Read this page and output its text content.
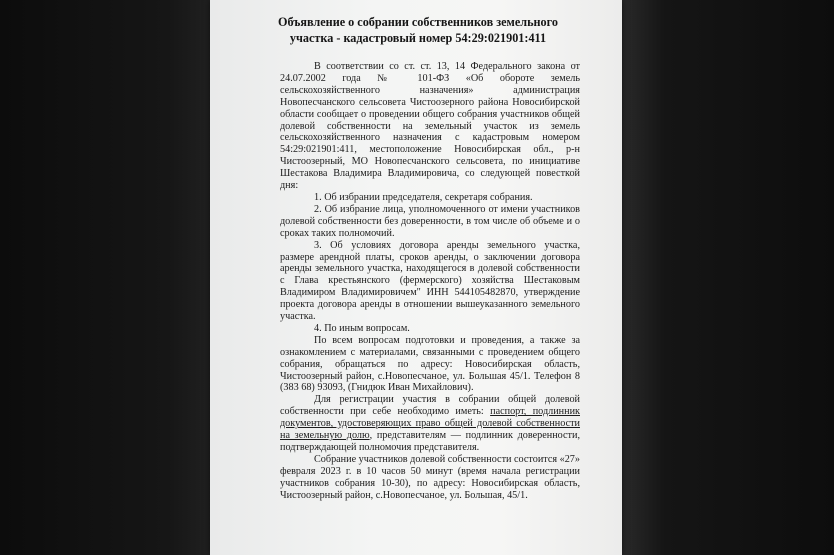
Объявление о собрании собственников земельного
участка - кадастровый номер 54:29:021901:411

В соответствии со ст. ст. 13, 14 Федерального закона от 24.07.2002 года № 101-ФЗ «Об обороте земель сельскохозяйственного назначения» администрация Новопесчанского сельсовета Чистоозерного района Новосибирской области сообщает о проведении общего собрания участников общей долевой собственности на земельный участок из земель сельскохозяйственного назначения с кадастровым номером 54:29:021901:411, местоположение Новосибирская обл., р-н Чистоозерный, МО Новопесчанского сельсовета, по инициативе Шестакова Владимира Владимировича, со следующей повесткой дня:

1. Об избрании председателя, секретаря собрания.

2. Об избрание лица, уполномоченного от имени участников долевой собственности без доверенности, в том числе об объеме и о сроках таких полномочий.

3. Об условиях договора аренды земельного участка, размере арендной платы, сроков аренды, о заключении договора аренды земельного участка, находящегося в долевой собственности с Глава крестьянского (фермерского) хозяйства Шестаковым Владимиром Владимировичем" ИНН 544105482870, утверждение проекта договора аренды в отношении вышеуказанного земельного участка.

4. По иным вопросам.

По всем вопросам подготовки и проведения, а также за ознакомлением с материалами, связанными с проведением общего собрания, обращаться по адресу: Новосибирская область, Чистоозерный район, с.Новопесчаное, ул. Большая 45/1. Телефон 8 (383 68) 93093, (Гнидюк Иван Михайлович).

Для регистрации участия в собрании общей долевой собственности при себе необходимо иметь: паспорт, подлинник документов, удостоверяющих право общей долевой собственности на земельную долю, представителям — подлинник доверенности, подтверждающей полномочия представителя.

Собрание участников долевой собственности состоится «27» февраля 2023 г. в 10 часов 50 минут (время начала регистрации участников собрания 10-30), по адресу: Новосибирская область, Чистоозерный район, с.Новопесчаное, ул. Большая, 45/1.
